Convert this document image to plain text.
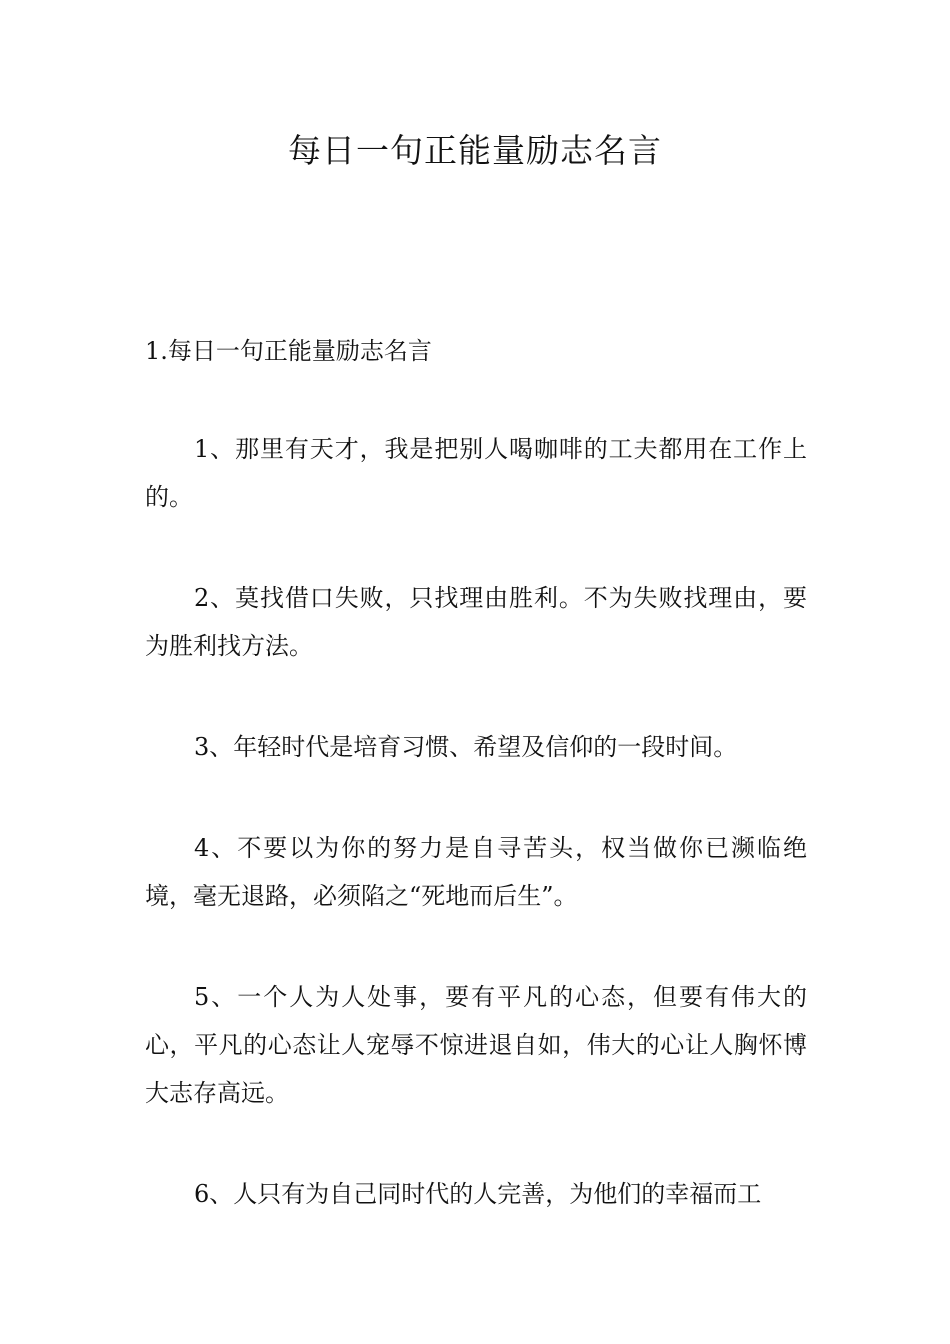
每日一句正能量励志名言

1.每日一句正能量励志名言

1、那里有天才，我是把别人喝咖啡的工夫都用在工作上的。

2、莫找借口失败，只找理由胜利。不为失败找理由，要为胜利找方法。

3、年轻时代是培育习惯、希望及信仰的一段时间。

4、不要以为你的努力是自寻苦头，权当做你已濒临绝境，毫无退路，必须陷之“死地而后生”。

5、一个人为人处事，要有平凡的心态，但要有伟大的心，平凡的心态让人宠辱不惊进退自如，伟大的心让人胸怀博大志存高远。

6、人只有为自己同时代的人完善，为他们的幸福而工
